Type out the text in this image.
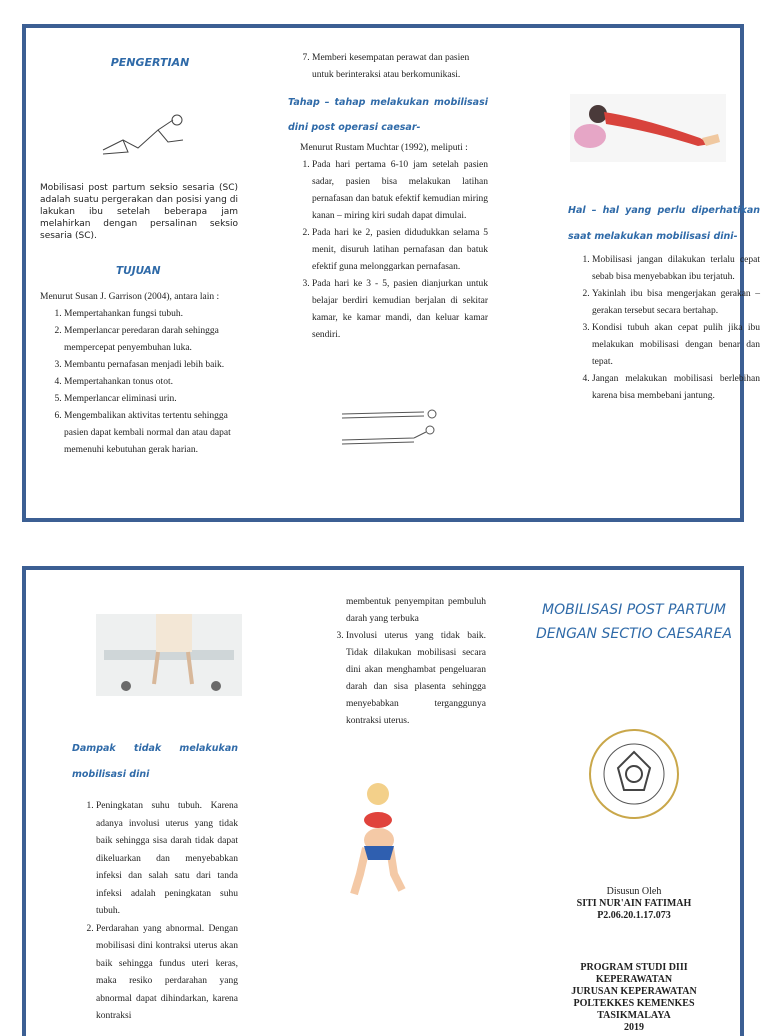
PENGERTIAN
Mobilisasi post partum seksio sesaria (SC) adalah suatu pergerakan dan posisi yang di lakukan ibu setelah beberapa jam melahirkan dengan persalinan seksio sesaria (SC).
TUJUAN
Menurut Susan J. Garrison (2004), antara lain :
1. Mempertahankan fungsi tubuh.
2. Memperlancar peredaran darah sehingga mempercepat penyembuhan luka.
3. Membantu pernafasan menjadi lebih baik.
4. Mempertahankan tonus otot.
5. Memperlancar eliminasi urin.
6. Mengembalikan aktivitas tertentu sehingga pasien dapat kembali normal dan atau dapat memenuhi kebutuhan gerak harian.
7. Memberi kesempatan perawat dan pasien untuk berinteraksi atau berkomunikasi.
Tahap – tahap melakukan mobilisasi dini post operasi caesar-
Menurut Rustam Muchtar (1992), meliputi :
1. Pada hari pertama 6-10 jam setelah pasien sadar, pasien bisa melakukan latihan pernafasan dan batuk efektif kemudian miring kanan – miring kiri sudah dapat dimulai.
2. Pada hari ke 2, pasien didudukkan selama 5 menit, disuruh latihan pernafasan dan batuk efektif guna melonggarkan pernafasan.
3. Pada hari ke 3 - 5, pasien dianjurkan untuk belajar berdiri kemudian berjalan di sekitar kamar, ke kamar mandi, dan keluar kamar sendiri.
Hal – hal yang perlu diperhatikan saat melakukan mobilisasi dini-
1. Mobilisasi jangan dilakukan terlalu cepat sebab bisa menyebabkan ibu terjatuh.
2. Yakinlah ibu bisa mengerjakan gerakan – gerakan tersebut secara bertahap.
3. Kondisi tubuh akan cepat pulih jika ibu melakukan mobilisasi dengan benar dan tepat.
4. Jangan melakukan mobilisasi berlebihan karena bisa membebani jantung.
Dampak tidak melakukan mobilisasi dini
1. Peningkatan suhu tubuh. Karena adanya involusi uterus yang tidak baik sehingga sisa darah tidak dapat dikeluarkan dan menyebabkan infeksi dan salah satu dari tanda infeksi adalah peningkatan suhu tubuh.
2. Perdarahan yang abnormal. Dengan mobilisasi dini kontraksi uterus akan baik sehingga fundus uteri keras, maka resiko perdarahan yang abnormal dapat dihindarkan, karena kontraksi
membentuk penyempitan pembuluh darah yang terbuka
3. Involusi uterus yang tidak baik. Tidak dilakukan mobilisasi secara dini akan menghambat pengeluaran darah dan sisa plasenta sehingga menyebabkan terganggunya kontraksi uterus.
MOBILISASI POST PARTUM DENGAN SECTIO CAESAREA
Disusun Oleh
SITI NUR'AIN FATIMAH
P2.06.20.1.17.073
PROGRAM STUDI DIII
KEPERAWATAN
JURUSAN KEPERAWATAN
POLTEKKES KEMENKES
TASIKMALAYA
2019
